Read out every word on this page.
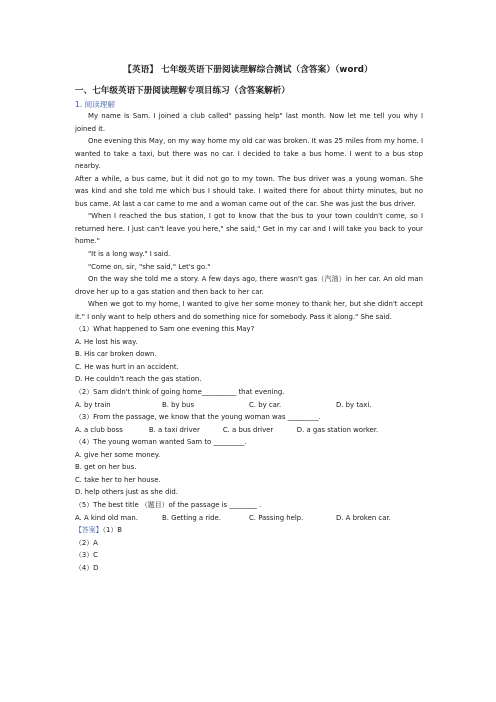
【英语】 七年级英语下册阅读理解综合测试（含答案）（word）
一、七年级英语下册阅读理解专项目练习（含答案解析）
1. 阅读理解

My name is Sam. I joined a club called" passing help" last month. Now let me tell you why I joined it.

One evening this May, on my way home my old car was broken. It was 25 miles from my home. I wanted to take a taxi, but there was no car. I decided to take a bus home. I went to a bus stop nearby.

After a while, a bus came, but it did not go to my town. The bus driver was a young woman. She was kind and she told me which bus I should take. I waited there for about thirty minutes, but no bus came. At last a car came to me and a woman came out of the car. She was just the bus driver.

"When I reached the bus station, I got to know that the bus to your town couldn't come, so I returned here. I just can't leave you here," she said," Get in my car and I will take you back to your home."

"It is a long way." I said.

"Come on, sir, "she said," Let's go."

On the way she told me a story. A few days ago, there wasn't gas（汽油）in her car. An old man drove her up to a gas station and then back to her car.

When we got to my home, I wanted to give her some money to thank her, but she didn't accept it." I only want to help others and do something nice for somebody. Pass it along." She said.

（1）What happened to Sam one evening this May?

A. He lost his way.

B. His car broken down.

C. He was hurt in an accident.

D. He couldn't reach the gas station.

（2）Sam didn't think of going home__________ that evening.

A. by train	B. by bus	C. by car.	D. by taxi.

（3）From the passage, we know that the young woman was _________.

A. a club boss	B. a taxi driver	C. a bus driver	D. a gas station worker.

（4）The young woman wanted Sam to _________.

A. give her some money.

B. get on her bus.

C. take her to her house.

D. help others just as she did.

（5）The best title （题目）of the passage is ________ .

A. A kind old man.	B. Getting a ride.	C. Passing help.	D. A broken car.

【答案】（1）B

（2）A

（3）C

（4）D
